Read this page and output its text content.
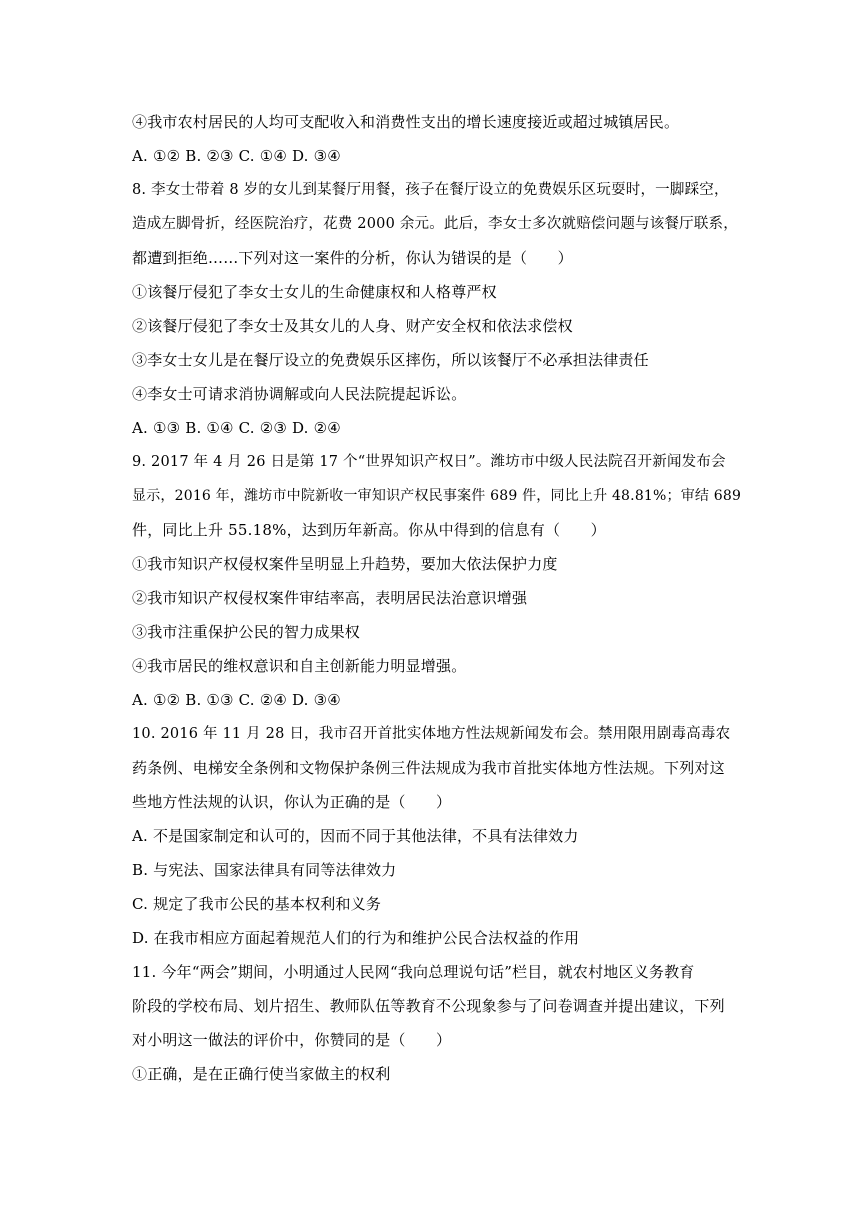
④我市农村居民的人均可支配收入和消费性支出的增长速度接近或超过城镇居民。
A. ①② B. ②③ C. ①④ D. ③④
8. 李女士带着 8 岁的女儿到某餐厅用餐，孩子在餐厅设立的免费娱乐区玩耍时，一脚踩空，
造成左脚骨折，经医院治疗，花费 2000 余元。此后，李女士多次就赔偿问题与该餐厅联系，
都遭到拒绝……下列对这一案件的分析，你认为错误的是（　　）
①该餐厅侵犯了李女士女儿的生命健康权和人格尊严权
②该餐厅侵犯了李女士及其女儿的人身、财产安全权和依法求偿权
③李女士女儿是在餐厅设立的免费娱乐区摔伤，所以该餐厅不必承担法律责任
④李女士可请求消协调解或向人民法院提起诉讼。
A. ①③ B. ①④ C. ②③ D. ②④
9. 2017 年 4 月 26 日是第 17 个“世界知识产权日”。潍坊市中级人民法院召开新闻发布会
显示，2016 年，潍坊市中院新收一审知识产权民事案件 689 件，同比上升 48.81%；审结 689
件，同比上升 55.18%，达到历年新高。你从中得到的信息有（　　）
①我市知识产权侵权案件呈明显上升趋势，要加大依法保护力度
②我市知识产权侵权案件审结率高，表明居民法治意识增强
③我市注重保护公民的智力成果权
④我市居民的维权意识和自主创新能力明显增强。
A. ①② B. ①③ C. ②④ D. ③④
10. 2016 年 11 月 28 日，我市召开首批实体地方性法规新闻发布会。禁用限用剧毒高毒农
药条例、电梯安全条例和文物保护条例三件法规成为我市首批实体地方性法规。下列对这
些地方性法规的认识，你认为正确的是（　　）
A. 不是国家制定和认可的，因而不同于其他法律，不具有法律效力
B. 与宪法、国家法律具有同等法律效力
C. 规定了我市公民的基本权利和义务
D. 在我市相应方面起着规范人们的行为和维护公民合法权益的作用
11. 今年“两会”期间，小明通过人民网“我向总理说句话”栏目，就农村地区义务教育
阶段的学校布局、划片招生、教师队伍等教育不公现象参与了问卷调查并提出建议，下列
对小明这一做法的评价中，你赞同的是（　　）
①正确，是在正确行使当家做主的权利
